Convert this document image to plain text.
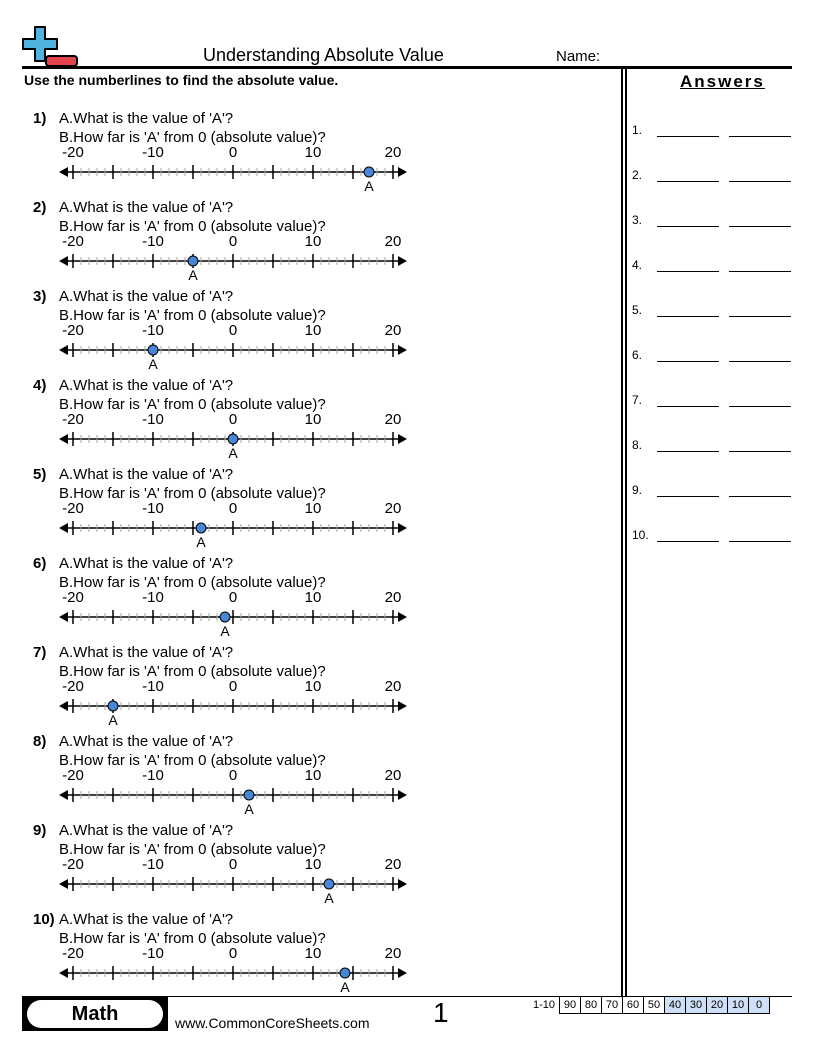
Understanding Absolute Value	Name:
Use the numberlines to find the absolute value.
1) A.What is the value of 'A'?
B.How far is 'A' from 0 (absolute value)?
-20	-10	0	10	20
A
2) A.What is the value of 'A'?
B.How far is 'A' from 0 (absolute value)?
-20	-10	0	10	20
A
3) A.What is the value of 'A'?
B.How far is 'A' from 0 (absolute value)?
-20	-10	0	10	20
A
4) A.What is the value of 'A'?
B.How far is 'A' from 0 (absolute value)?
-20	-10	0	10	20
A
5) A.What is the value of 'A'?
B.How far is 'A' from 0 (absolute value)?
-20	-10	0	10	20
A
6) A.What is the value of 'A'?
B.How far is 'A' from 0 (absolute value)?
-20	-10	0	10	20
A
7) A.What is the value of 'A'?
B.How far is 'A' from 0 (absolute value)?
-20	-10	0	10	20
A
8) A.What is the value of 'A'?
B.How far is 'A' from 0 (absolute value)?
-20	-10	0	10	20
A
9) A.What is the value of 'A'?
B.How far is 'A' from 0 (absolute value)?
-20	-10	0	10	20
A
10) A.What is the value of 'A'?
B.How far is 'A' from 0 (absolute value)?
-20	-10	0	10	20
A
Answers
1.
2.
3.
4.
5.
6.
7.
8.
9.
10.
Math	www.CommonCoreSheets.com 1	1-10	90	80	70	60	50	40	30	20	10	0
